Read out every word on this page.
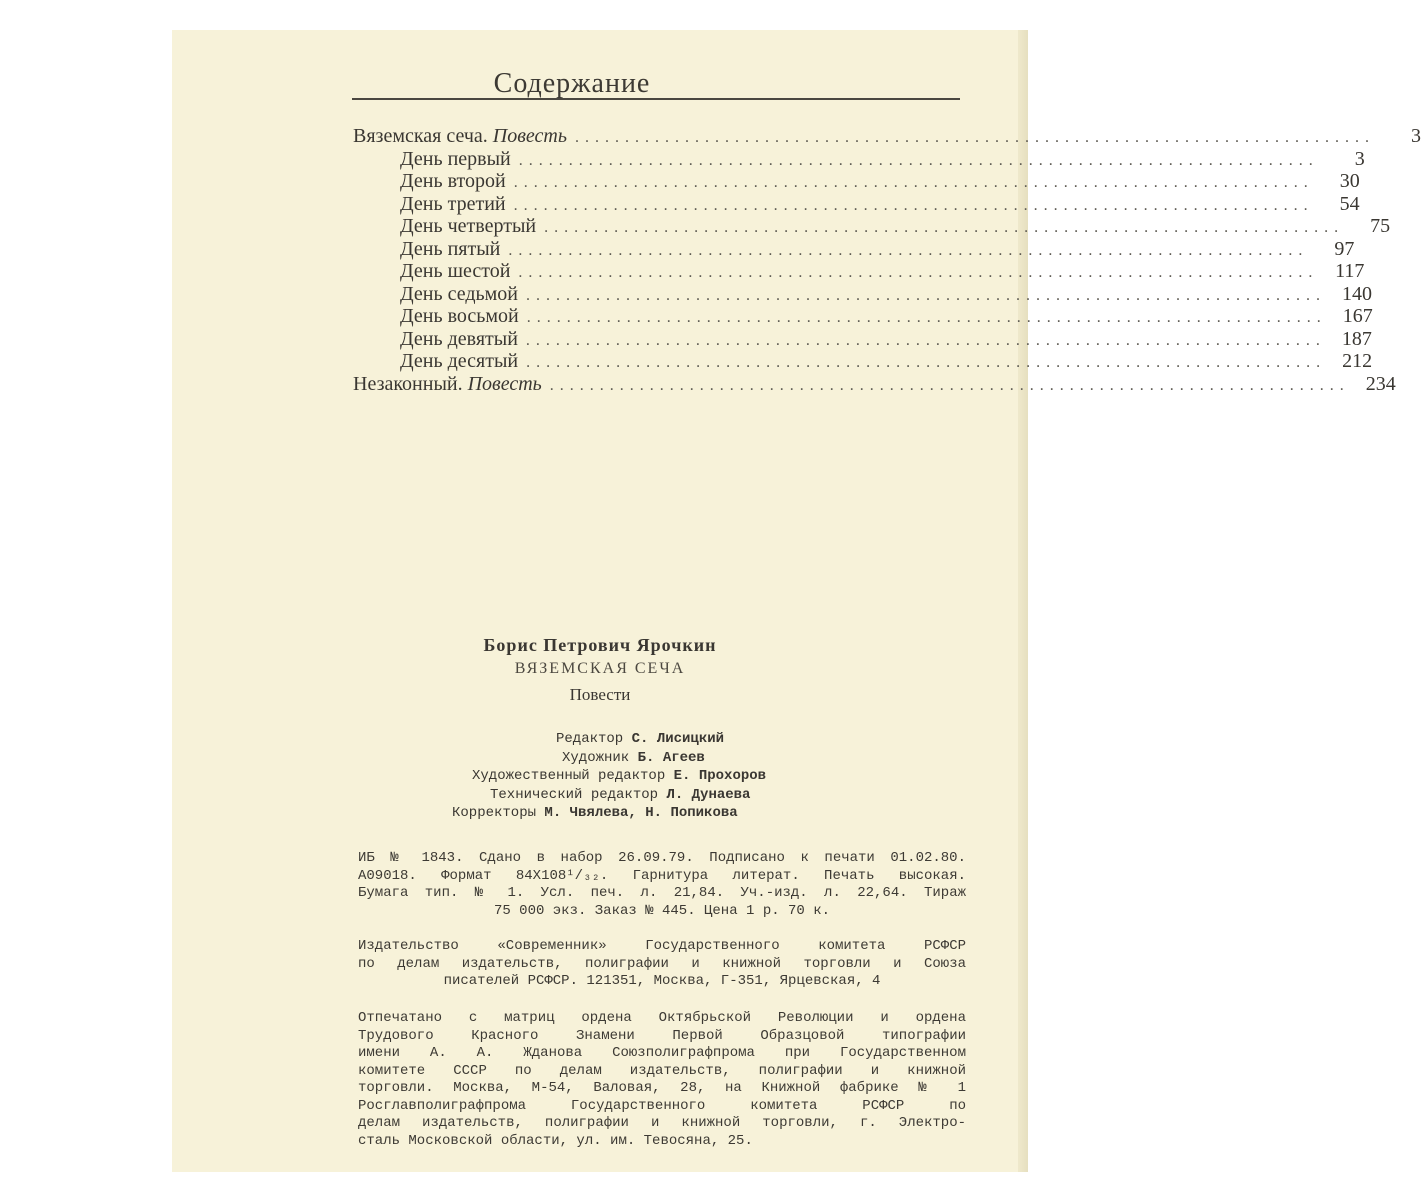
Содержание
Вяземская сеча. Повесть ................................................................................	3
День первый ................................................................................	3
День второй ................................................................................	30
День третий ................................................................................	54
День четвертый ................................................................................	75
День пятый ................................................................................	97
День шестой ................................................................................ 117
День седьмой ................................................................................ 140
День восьмой ................................................................................ 167
День девятый ................................................................................ 187
День десятый ................................................................................ 212
Незаконный. Повесть ................................................................................ 234
Борис Петрович Ярочкин
ВЯЗЕМСКАЯ СЕЧА
Повести
Редактор С. Лисицкий
Художник Б. Агеев
Художественный редактор Е. Прохоров
Технический редактор Л. Дунаева
Корректоры М. Чвялева, Н. Попикова
ИБ № 1843. Сдано в набор 26.09.79. Подписано к печати 01.02.80.
А09018. Формат 84Х108¹/₃₂. Гарнитура литерат. Печать высокая.
Бумага тип. № 1. Усл. печ. л. 21,84. Уч.-изд. л. 22,64. Тираж
75 000 экз. Заказ № 445. Цена 1 р. 70 к.
Издательство «Современник» Государственного комитета РСФСР
по делам издательств, полиграфии и книжной торговли и Союза
писателей РСФСР. 121351, Москва, Г-351, Ярцевская, 4
Отпечатано с матриц ордена Октябрьской Революции и ордена
Трудового Красного Знамени Первой Образцовой типографии
имени А. А. Жданова Союзполиграфпрома при Государственном
комитете СССР по делам издательств, полиграфии и книжной
торговли. Москва, М-54, Валовая, 28, на Книжной фабрике № 1
Росглавполиграфпрома Государственного комитета РСФСР по
делам издательств, полиграфии и книжной торговли, г. Электро-
сталь Московской области, ул. им. Тевосяна, 25.
